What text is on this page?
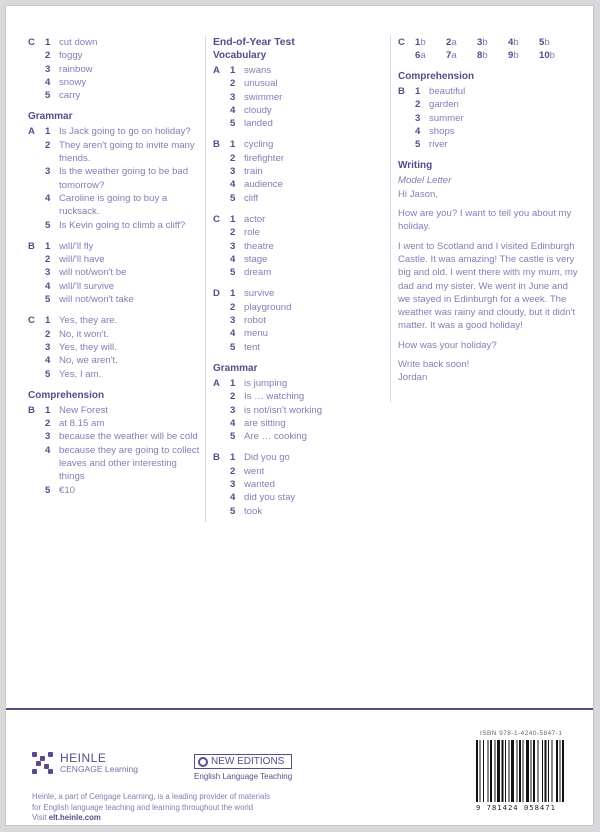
C	1 cut down
2 foggy
3 rainbow
4 snowy
5 carry
Grammar
A	1 Is Jack going to go on holiday?
2 They aren't going to invite many friends.
3 Is the weather going to be bad tomorrow?
4 Caroline is going to buy a rucksack.
5 Is Kevin going to climb a cliff?
B	1 will/'ll fly
2 will/'ll have
3 will not/won't be
4 will/'ll survive
5 will not/won't take
C	1 Yes, they are.
2 No, it won't.
3 Yes, they will.
4 No, we aren't.
5 Yes, I am.
Comprehension
B	1 New Forest
2 at 8.15 am
3 because the weather will be cold
4 because they are going to collect leaves and other interesting things
5 €10
End-of-Year Test
Vocabulary
A	1 swans
2 unusual
3 swimmer
4 cloudy
5 landed
B	1 cycling
2 firefighter
3 train
4 audience
5 cliff
C	1 actor
2 role
3 theatre
4 stage
5 dream
D	1 survive
2 playground
3 robot
4 menu
5 tent
Grammar
A	1 is jumping
2 Is … watching
3 is not/isn't working
4 are sitting
5 Are … cooking
B	1 Did you go
2 went
3 wanted
4 did you stay
5 took
C	1 b 2 a 3 b 4 b 5 b
6 a 7 a 8 b 9 b 10 b
Comprehension
B	1 beautiful
2 garden
3 summer
4 shops
5 river
Writing

Model Letter

Hi Jason,

How are you? I want to tell you about my holiday.

I went to Scotland and I visited Edinburgh Castle. It was amazing! The castle is very big and old. I went there with my mum, my dad and my sister. We went in June and we stayed in Edinburgh for a week. The weather was rainy and cloudy, but it didn't matter. It was a good holiday!

How was your holiday?

Write back soon!

Jordan

HEINLE
CENGAGE Learning
NEW EDITIONS
English Language Teaching
Heinle, a part of Cengage Learning, is a leading provider of materials
for English language teaching and learning throughout the world
Visit elt.heinle.com
ISBN 978-1-4240-5847-1
9 781424 058471
